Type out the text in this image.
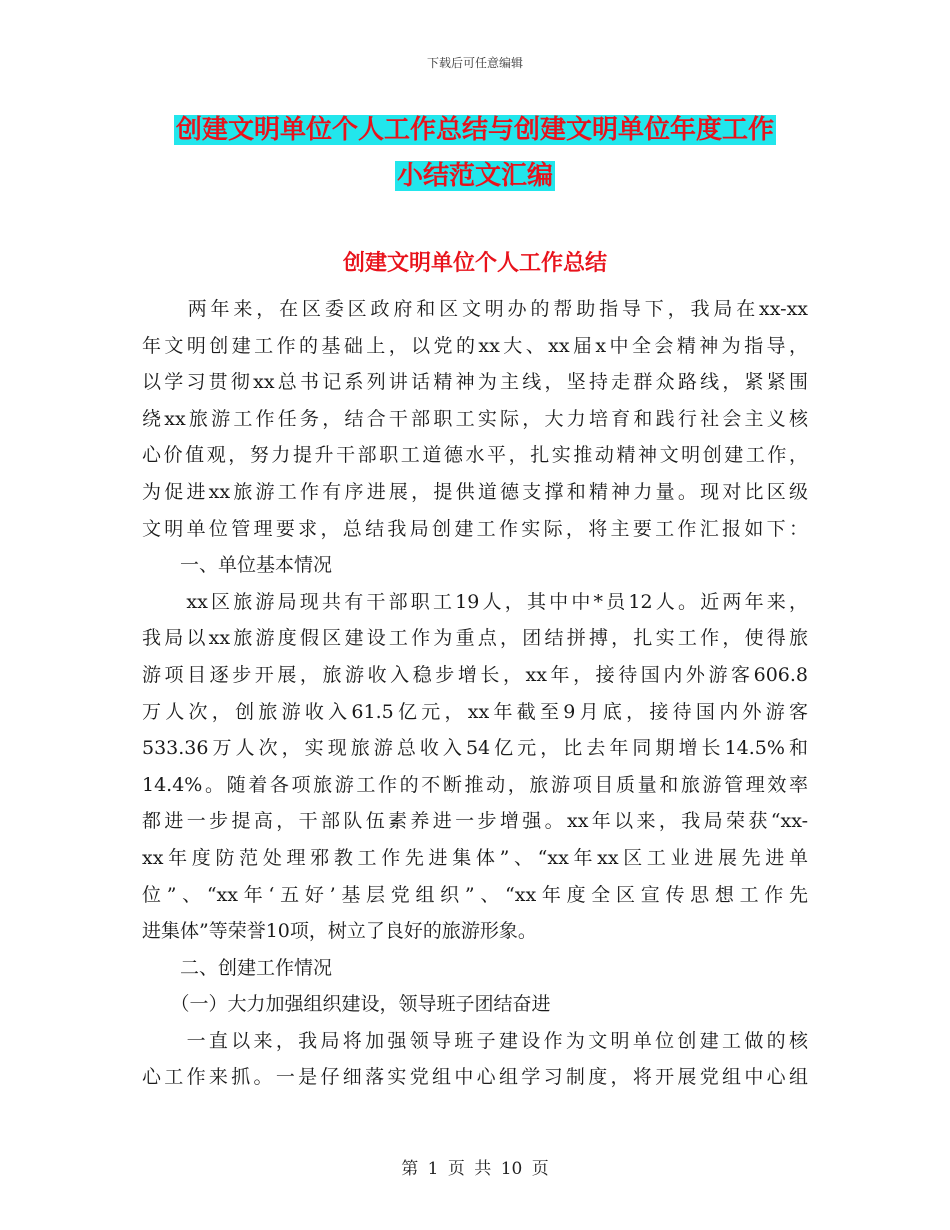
下载后可任意编辑
创建文明单位个人工作总结与创建文明单位年度工作
小结范文汇编
创建文明单位个人工作总结
　　两年来，在区委区政府和区文明办的帮助指导下，我局在xx-xx
年文明创建工作的基础上，以党的xx大、xx届x中全会精神为指导，
以学习贯彻xx总书记系列讲话精神为主线，坚持走群众路线，紧紧围
绕xx旅游工作任务，结合干部职工实际，大力培育和践行社会主义核
心价值观，努力提升干部职工道德水平，扎实推动精神文明创建工作，
为促进xx旅游工作有序进展，提供道德支撑和精神力量。现对比区级
文明单位管理要求，总结我局创建工作实际，将主要工作汇报如下：
　　一、单位基本情况
　　xx区旅游局现共有干部职工19人，其中中*员12人。近两年来，
我局以xx旅游度假区建设工作为重点，团结拼搏，扎实工作，使得旅
游项目逐步开展，旅游收入稳步增长，xx年，接待国内外游客606.8
万人次，创旅游收入61.5亿元，xx年截至9月底，接待国内外游客
533.36万人次，实现旅游总收入54亿元，比去年同期增长14.5%和
14.4%。随着各项旅游工作的不断推动，旅游项目质量和旅游管理效率
都进一步提高，干部队伍素养进一步增强。xx年以来，我局荣获“xx-
xx年度防范处理邪教工作先进集体”、“xx年xx区工业进展先进单
位”、“xx年‘五好’基层党组织”、“xx年度全区宣传思想工作先
进集体”等荣誉10项，树立了良好的旅游形象。
　　二、创建工作情况
　　（一）大力加强组织建设，领导班子团结奋进
　　一直以来，我局将加强领导班子建设作为文明单位创建工做的核
心工作来抓。一是仔细落实党组中心组学习制度，将开展党组中心组
第 1 页 共 10 页
